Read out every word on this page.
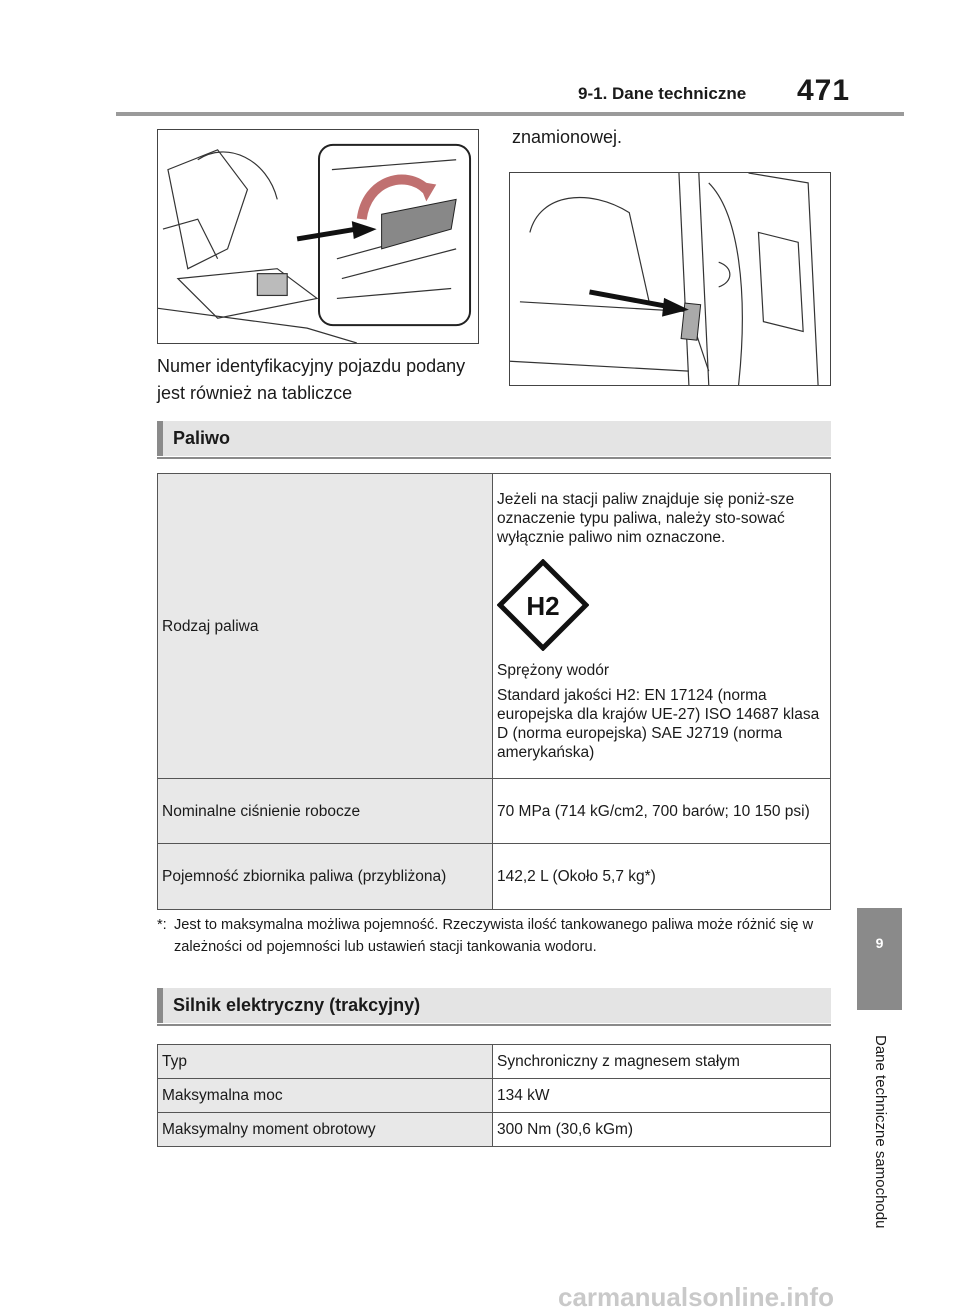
9-1. Dane techniczne 471
Numer identyfikacyjny pojazdu podany jest również na tabliczce
znamionowej.
Paliwo
Rodzaj paliwa	Jeżeli na stacji paliw znajduje się poniż-sze oznaczenie typu paliwa, należy sto-sować wyłącznie paliwo nim oznaczone.
H2
Sprężony wodór
Standard jakości H2: EN 17124 (norma europejska dla krajów UE-27) ISO 14687 klasa D (norma europejska) SAE J2719 (norma amerykańska)

Nominalne ciśnienie robocze	70 MPa (714 kG/cm2, 700 barów; 10 150 psi)
Pojemność zbiornika paliwa (przybliżona)	142,2 L (Około 5,7 kg*)
*: Jest to maksymalna możliwa pojemność. Rzeczywista ilość tankowanego paliwa może różnić się w zależności od pojemności lub ustawień stacji tankowania wodoru.
Silnik elektryczny (trakcyjny)
Typ	Synchroniczny z magnesem stałym
Maksymalna moc	134 kW
Maksymalny moment obrotowy	300 Nm (30,6 kGm)
9
Dane techniczne samochodu
carmanualsonline.info
